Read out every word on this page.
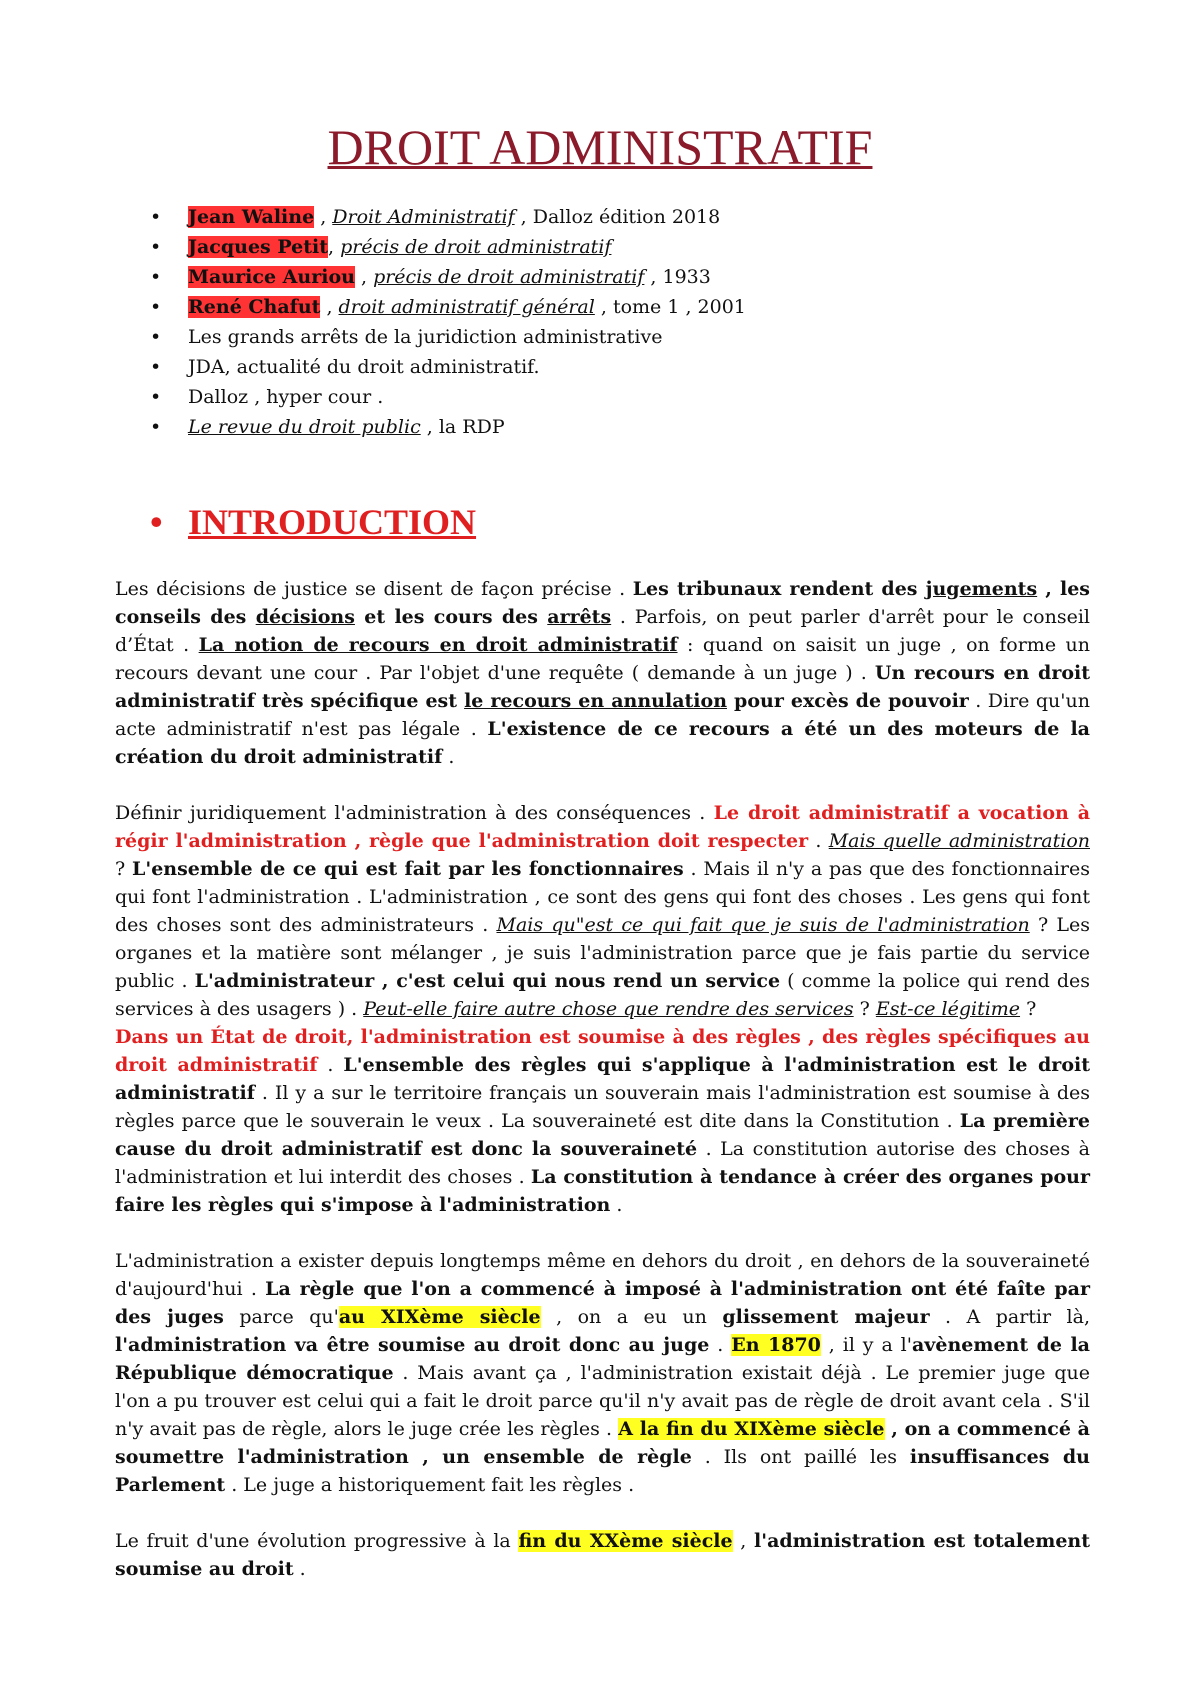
DROIT ADMINISTRATIF
• Jean Waline , Droit Administratif , Dalloz édition 2018
• Jacques Petit, précis de droit administratif
• Maurice Auriou , précis de droit administratif , 1933
• René Chafut , droit administratif général , tome 1 , 2001
• Les grands arrêts de la juridiction administrative
• JDA, actualité du droit administratif.
• Dalloz , hyper cour .
• Le revue du droit public , la RDP
• INTRODUCTION

Les décisions de justice se disent de façon précise . Les tribunaux rendent des jugements , les conseils des décisions et les cours des arrêts . Parfois, on peut parler d'arrêt pour le conseil d’État . La notion de recours en droit administratif : quand on saisit un juge , on forme un recours devant une cour . Par l'objet d'une requête ( demande à un juge ) . Un recours en droit administratif très spécifique est le recours en annulation pour excès de pouvoir . Dire qu'un acte administratif n'est pas légale . L'existence de ce recours a été un des moteurs de la création du droit administratif .

Définir juridiquement l'administration à des conséquences . Le droit administratif a vocation à régir l'administration , règle que l'administration doit respecter . Mais quelle administration ? L'ensemble de ce qui est fait par les fonctionnaires . Mais il n'y a pas que des fonctionnaires qui font l'administration . L'administration , ce sont des gens qui font des choses . Les gens qui font des choses sont des administrateurs . Mais qu"est ce qui fait que je suis de l'administration ? Les organes et la matière sont mélanger , je suis l'administration parce que je fais partie du service public . L'administrateur , c'est celui qui nous rend un service ( comme la police qui rend des services à des usagers ) . Peut-elle faire autre chose que rendre des services ? Est-ce légitime ?
Dans un État de droit, l'administration est soumise à des règles , des règles spécifiques au droit administratif . L'ensemble des règles qui s'applique à l'administration est le droit administratif . Il y a sur le territoire français un souverain mais l'administration est soumise à des règles parce que le souverain le veux . La souveraineté est dite dans la Constitution . La première cause du droit administratif est donc la souveraineté . La constitution autorise des choses à l'administration et lui interdit des choses . La constitution à tendance à créer des organes pour faire les règles qui s'impose à l'administration .

L'administration a exister depuis longtemps même en dehors du droit , en dehors de la souveraineté d'aujourd'hui . La règle que l'on a commencé à imposé à l'administration ont été faîte par des juges parce qu'au XIXème siècle , on a eu un glissement majeur . A partir là, l'administration va être soumise au droit donc au juge . En 1870 , il y a l'avènement de la République démocratique . Mais avant ça , l'administration existait déjà . Le premier juge que l'on a pu trouver est celui qui a fait le droit parce qu'il n'y avait pas de règle de droit avant cela . S'il n'y avait pas de règle, alors le juge crée les règles . A la fin du XIXème siècle , on a commencé à soumettre l'administration , un ensemble de règle . Ils ont paillé les insuffisances du Parlement . Le juge a historiquement fait les règles .

Le fruit d'une évolution progressive à la fin du XXème siècle , l'administration est totalement soumise au droit .
